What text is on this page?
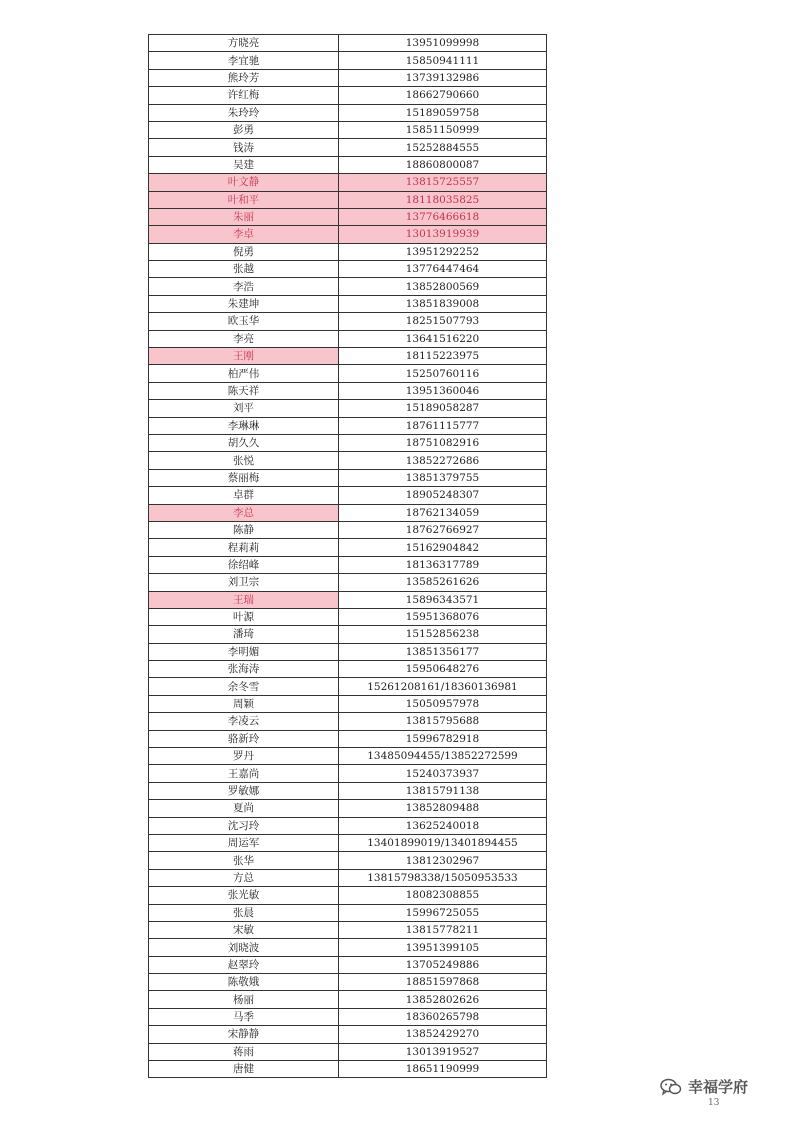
方晓亮	13951099998
李宜驰	15850941111
熊玲芳	13739132986
许红梅	18662790660
朱玲玲	15189059758
彭勇	15851150999
钱涛	15252884555
吴建	18860800087
叶文静	13815725557
叶和平	18118035825
朱丽	13776466618
李卓	13013919939
倪勇	13951292252
张越	13776447464
李浩	13852800569
朱建坤	13851839008
欧玉华	18251507793
李亮	13641516220
王刚	18115223975
柏严伟	15250760116
陈天祥	13951360046
刘平	15189058287
李琳琳	18761115777
胡久久	18751082916
张悦	13852272686
蔡丽梅	13851379755
卓群	18905248307
李总	18762134059
陈静	18762766927
程莉莉	15162904842
徐绍峰	18136317789
刘卫宗	13585261626
王瑞	15896343571
叶源	15951368076
潘琦	15152856238
李明媚	13851356177
张海涛	15950648276
余冬雪	15261208161/18360136981
周颖	15050957978
李凌云	13815795688
骆新玲	15996782918
罗丹	13485094455/13852272599
王嘉尚	15240373937
罗敏娜	13815791138
夏尚	13852809488
沈习玲	13625240018
周运军	13401899019/13401894455
张华	13812302967
方总	13815798338/15050953533
张光敏	18082308855
张晨	15996725055
宋敏	13815778211
刘晓波	13951399105
赵翠玲	13705249886
陈敬娥	18851597868
杨丽	13852802626
马季	18360265798
宋静静	13852429270
蒋雨	13013919527
唐健	18651190999
幸福学府
13
